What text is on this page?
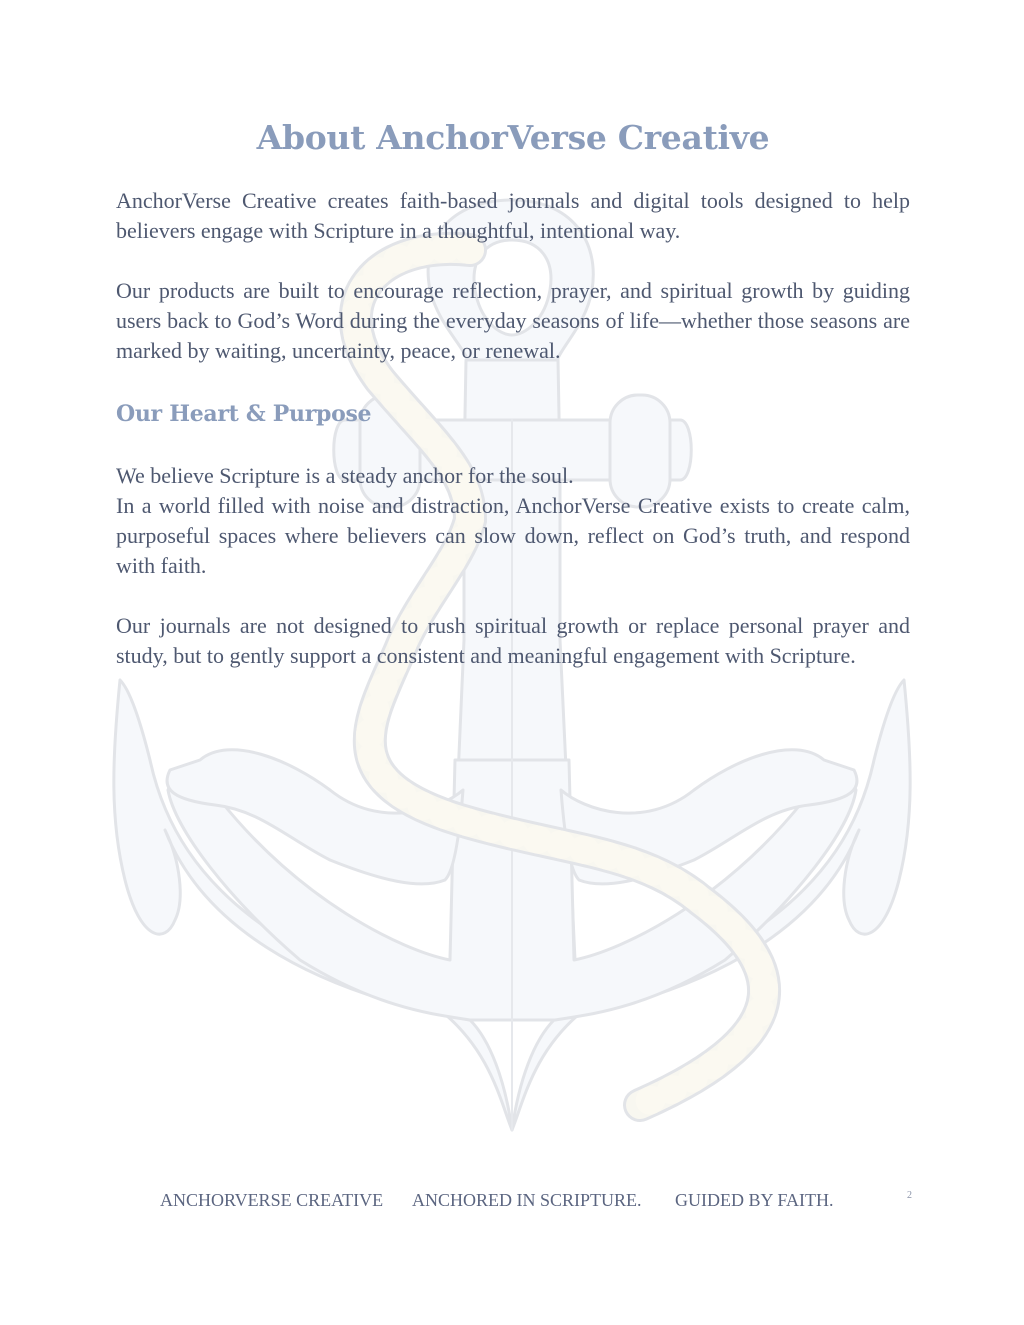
About AnchorVerse Creative

AnchorVerse Creative creates faith-based journals and digital tools designed to help believers engage with Scripture in a thoughtful, intentional way.

Our products are built to encourage reflection, prayer, and spiritual growth by guiding users back to God’s Word during the everyday seasons of life—whether those seasons are marked by waiting, uncertainty, peace, or renewal.

Our Heart & Purpose

We believe Scripture is a steady anchor for the soul.

In a world filled with noise and distraction, AnchorVerse Creative exists to create calm, purposeful spaces where believers can slow down, reflect on God’s truth, and respond with faith.

Our journals are not designed to rush spiritual growth or replace personal prayer and study, but to gently support a consistent and meaningful engagement with Scripture.

ANCHORVERSE CREATIVE ANCHORED IN SCRIPTURE. GUIDED BY FAITH.	2
